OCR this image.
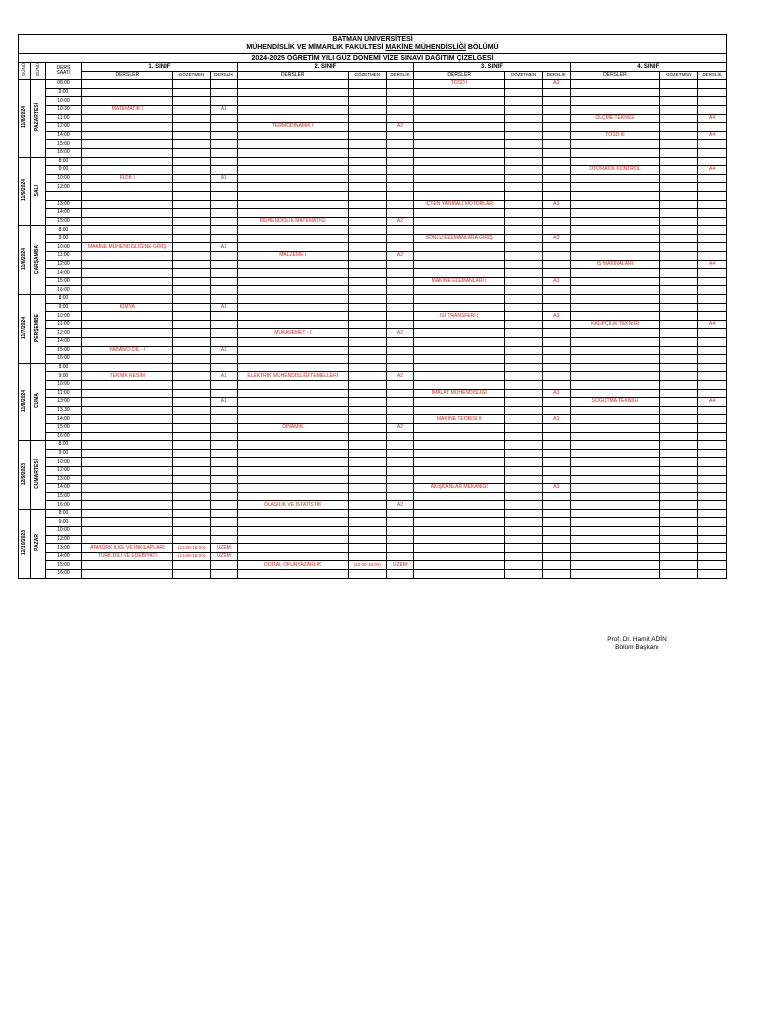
BATMAN ÜNİVERSİTESİ
MÜHENDİSLİK VE MİMARLIK FAKÜLTESİ MAKİNE MÜHENDİSLİĞİ BÖLÜMÜ														

2024-2025 ÖĞRETİM YILI GÜZ DÖNEMİ VİZE SINAVI DAĞITIM ÇİZELGESİ														
GÜNÜ	GÜNÜ	DERS
SAATİ	1. SINIF			2. SINIF			3. SINIF			4. SINIF		
			DERSLER	GÖZETMEN	DERSLİK	DERSLER	GÖZETMEN	DERSLİK	DERSLER	GÖZETMEN	DERSLİK	DERSLER	GÖZETMEN	DERSLİK
11/8/2024	PAZARTESİ	08.00							TOSD I		A3			
		9:00												
		10:00												
		10:30	MATEMATİK I		A1									
		11:00										ÖLÇME TEKNİĞİ		A4
		12:00				TERMODİNAMİK I		A2						
		14:00										TOSD III		A4
		15:00												
		16:00												
11/9/2024	SALI	8:00												
		9:00										OTOMATİK KONTROL		A4
		10:00	FİZİK I		A1									
		12:00												

		13:00							İÇTEN YANMALI MOTORLAR		A3			
		14:00												
		15:00				MÜHENDİSLİK MATEMATİĞİ		A2						
11/6/2024	ÇARŞAMBA	8:00												
		9:00							SONLU ELEMANLARA GİRİŞ		A3			
		10:00	MAKİNE MÜHENDİSLİĞİNE GİRİŞ		A1									
		11:00				MALZEME I		A2						
		12:00										IŞ MAKİNALARI		A4
		14:00												
		15:00							MAKİNE ELEMANLARI I		A3			
		16:00												
11/7/2024	PERŞEMBE	8:00												
		9:00	KİMYA		A1									
		10:00							ISI TRANSFERİ I		A3			
		11:00										KALIPÇILIK TEKNİĞİ		A4
		12:00				MUKAVEMET - I		A2						
		14:00												
		15:00	YABANCI DİL - I		A1									
		16:00												
11/8/2024	CUMA	8:00												
		9:00	TEKNİK RESİM		A1	ELEKTRİK MÜHENDİSLİĞİ TEMELLERİ		A2						
		10:00												
		11:00							İMALAT MÜHENDİSLİĞİ		A3			
		13:00			A1							SOĞUTMA TEKNİĞİ		A4
		13.30												
		14:00							MAKİNE TEORİSİ II		A3			
		15:00				DİNAMİK		A2						
		16:00												
12/9/2023	CUMARTESİ	8:00												
		9:00												
		10:00												
		12:00												
		13:00												
		14:00							AKIŞKANLAR MEKANİĞİ		A3			
		15:00												
		16:00				OLASILIK VE İSTATİSTİK		A2						
12/10/2023	PAZAR	8:00												
		9:00												
		10:00												
		12:00												
		13:00	ATATÜRK İLKE VE İNKILAPLARI	(13:00-18:00)	UZEM									
		14:00	TÜRK DİLİ VE EDEBİYATI	(13:00-18:00)	UZEM									
		15:00				DİJİTAL OKURYAZARLIK	(13:00-18:00)	UZEM						
		16:00												
Prof. Dr. Hamit ADİN
Bölüm Başkanı
